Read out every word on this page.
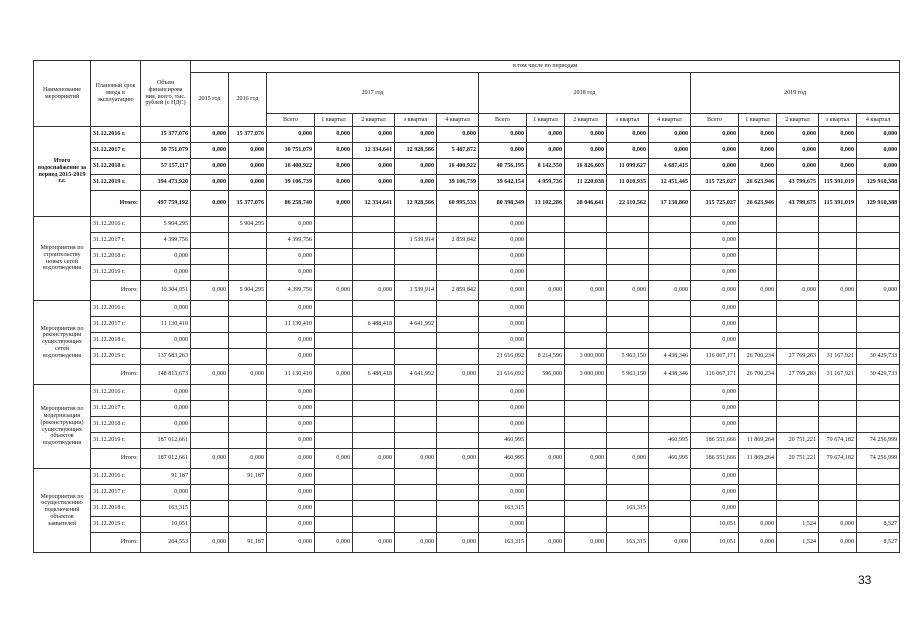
Наименование мероприятий	Плановый срок ввода в эксплуатацию	Объем финансирова ния, всего, тыс. рублей (с НДС)	в том числе по периодам																
			2015 год	2016 год	2017 год					2018 год					2019 год				
					Всего	1 квартал	2 квартал	з квартал	4 квартал	Всего	1 квартал	2 квартал	з квартал	4 квартал	Всего	1 квартал	2 квартал	з квартал	4 квартал
Итого водоснабжение за период 2015-2019 г.г.	31.12.2016 г.	15 377,076	0,000	15 377,076	0,000	0,000	0,000	0,000	0,000	0,000	0,000	0,000	0,000	0,000	0,000	0,000	0,000	0,000	0,000
	31.12.2017 г.	30 751,079	0,000	0,000	30 751,079	0,000	12 334,641	12 928,566	5 487,872	0,000	0,000	0,000	0,000	0,000	0,000	0,000	0,000	0,000	0,000
	31.12.2018 г.	57 157,117	0,000	0,000	16 400,922	0,000	0,000	0,000	16 400,922	40 756,195	8 142,550	16 826,603	11 099,627	4 687,415	0,000	0,000	0,000	0,000	0,000
	31.12.2019 г.	394 473,920	0,000	0,000	39 106,739	0,000	0,000	0,000	39 106,739	39 642,154	4 959,736	11 220,038	11 010,935	12 451,445	315 725,027	26 623,946	43 799,675	115 391,019	129 910,388
	Итого:	497 759,192	0,000	15 377,076	86 258,740	0,000	12 334,641	12 928,566	60 995,533	80 398,349	13 102,286	28 046,641	22 110,562	17 138,860	315 725,027	26 623,946	43 799,675	115 391,019	129 910,388
Мероприятия по строительству новых сетей водоотведения	31.12.2016 г.	5 904,295		5 904,295	0,000					0,000					0,000				
	31.12.2017 г.	4 399,756			4 399,756			1 539,914	2 859,842	0,000					0,000				
	31.12.2018 г.	0,000			0,000					0,000					0,000				
	31.12.2019 г.	0,000			0,000					0,000					0,000				
	Итого:	10 304,051	0,000	5 904,295	4 399,756	0,000	0,000	1 539,914	2 859,842	0,000	0,000	0,000	0,000	0,000	0,000	0,000	0,000	0,000	0,000
Мероприятия по реконструкции существующих сетей водоотведения	31.12.2016 г.	0,000			0,000					0,000					0,000				
	31.12.2017 г.	11 130,410			11 130,410		6 488,418	4 641,992		0,000					0,000				
	31.12.2018 г.	0,000			0,000					0,000					0,000				
	31.12.2019 г.	137 683,263			0,000					21 616,092	8 214,596	3 000,000	5 963,150	4 438,346	116 067,171	26 700,234	27 769,283	31 167,921	30 429,733
	Итого:	148 813,673	0,000	0,000	11 130,410	0,000	6 488,418	4 641,992	0,000	21 616,092	596,000	3 000,000	5 963,150	4 438,346	116 067,171	26 700,234	27 769,283	31 167,921	30 429,733
Мероприятия по модернизации (реконструкции) существующих объектов водоотведения	31.12.2016 г.	0,000			0,000					0,000					0,000				
	31.12.2017 г.	0,000			0,000					0,000					0,000				
	31.12.2018 г.	0,000			0,000					0,000					0,000				
	31.12.2019 г.	187 012,661			0,000					460,995				460,995	186 551,666	11 869,264	20 751,221	79 674,182	74 256,999
	Итого:	187 012,661	0,000	0,000	0,000	0,000	0,000	0,000	0,000	460,995	0,000	0,000	0,000	460,995	186 551,666	11 869,264	20 751,221	79 674,182	74 256,999
Мероприятия по осуществлению подключений объектов заявителей	31.12.2016 г.	91,187		91,187	0,000					0,000					0,000				
	31.12.2017 г.	0,000			0,000					0,000					0,000				
	31.12.2018 г.	163,315			0,000					163,315			163,315		0,000				
	31.12.2019 г.	10,051			0,000					0,000					10,051	0,000	1,524	0,000	8,527
	Итого:	264,553	0,000	91,187	0,000	0,000	0,000	0,000	0,000	163,315	0,000	0,000	163,315	0,000	10,051	0,000	1,524	0,000	8,527
33
